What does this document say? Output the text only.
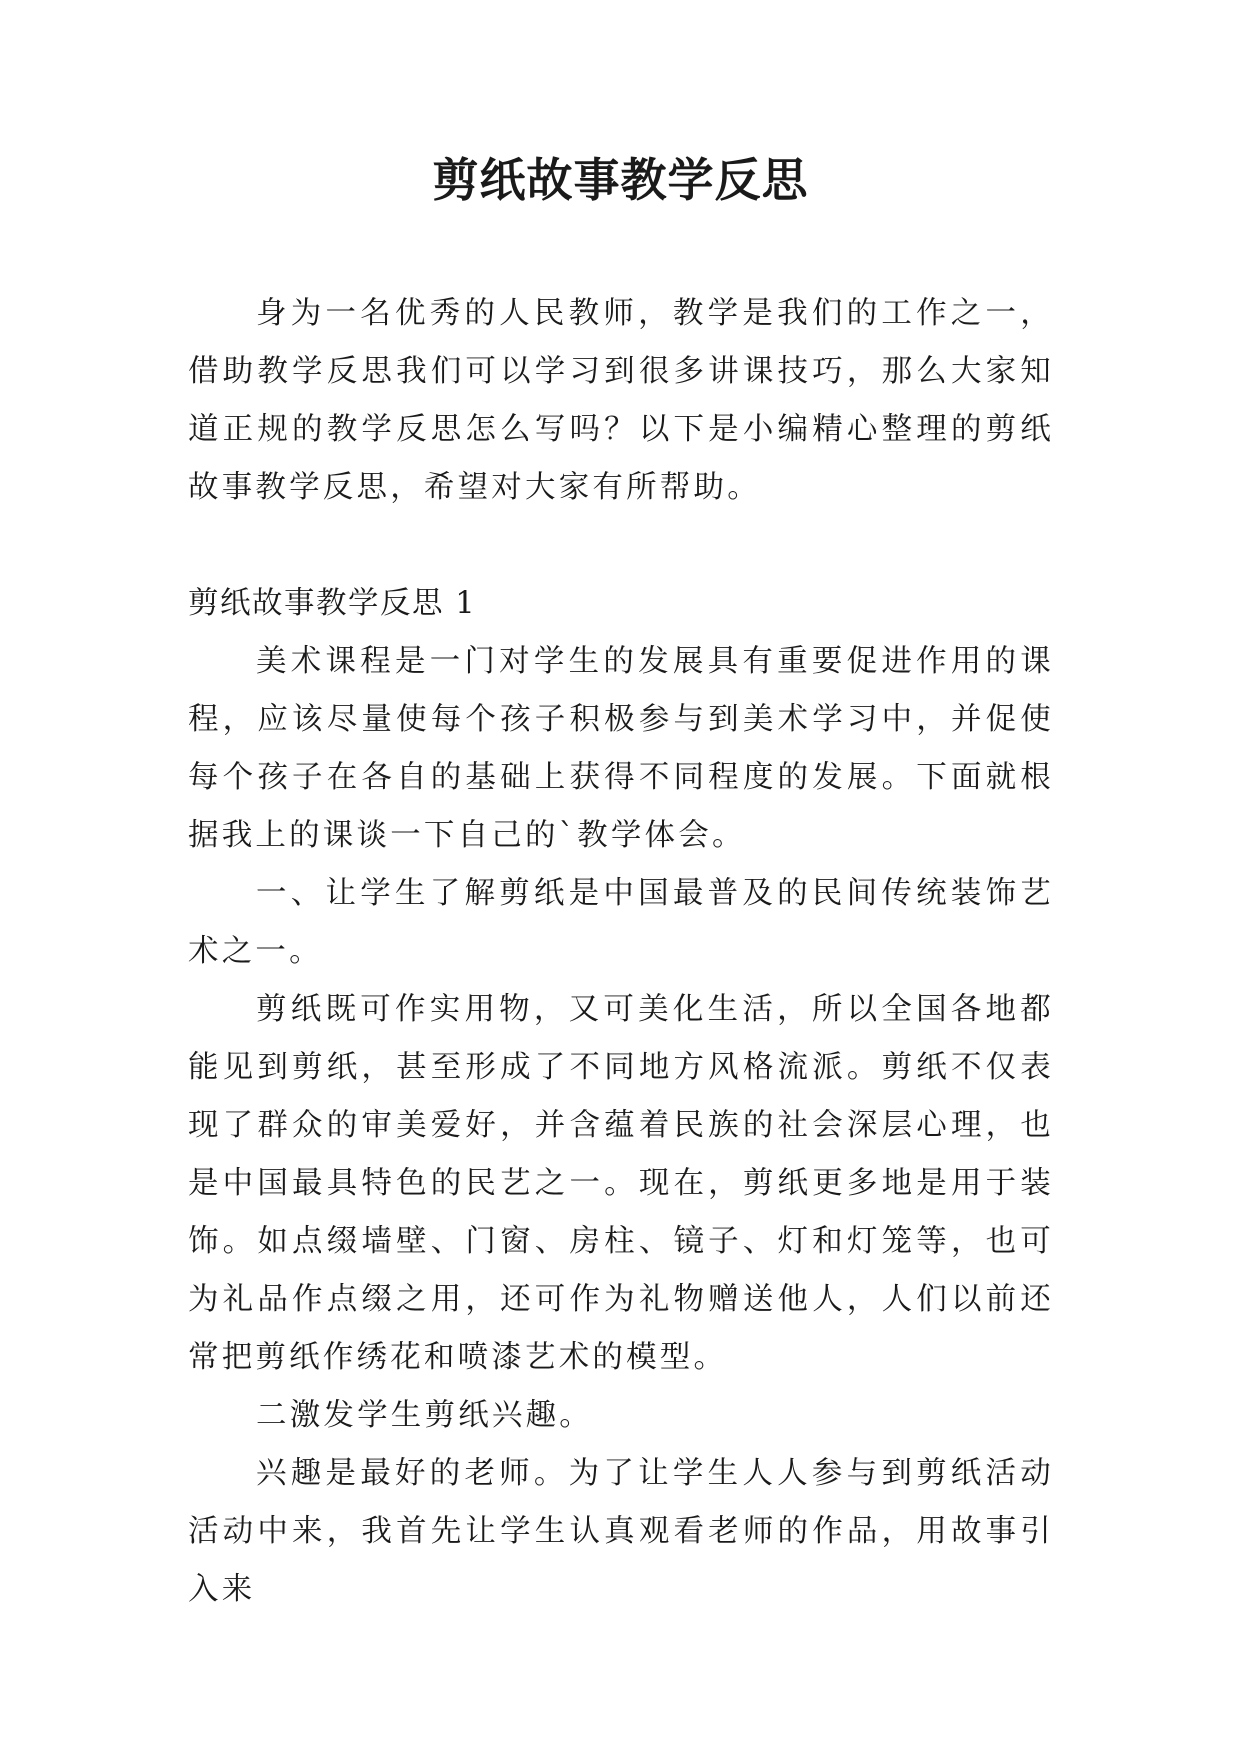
剪纸故事教学反思

身为一名优秀的人民教师，教学是我们的工作之一，借助教学反思我们可以学习到很多讲课技巧，那么大家知道正规的教学反思怎么写吗？以下是小编精心整理的剪纸故事教学反思，希望对大家有所帮助。

剪纸故事教学反思 1

美术课程是一门对学生的发展具有重要促进作用的课程，应该尽量使每个孩子积极参与到美术学习中，并促使每个孩子在各自的基础上获得不同程度的发展。下面就根据我上的课谈一下自己的`教学体会。

一、让学生了解剪纸是中国最普及的民间传统装饰艺术之一。

剪纸既可作实用物，又可美化生活，所以全国各地都能见到剪纸，甚至形成了不同地方风格流派。剪纸不仅表现了群众的审美爱好，并含蕴着民族的社会深层心理，也是中国最具特色的民艺之一。现在，剪纸更多地是用于装饰。如点缀墙壁、门窗、房柱、镜子、灯和灯笼等，也可为礼品作点缀之用，还可作为礼物赠送他人，人们以前还常把剪纸作绣花和喷漆艺术的模型。

二激发学生剪纸兴趣。

兴趣是最好的老师。为了让学生人人参与到剪纸活动活动中来，我首先让学生认真观看老师的作品，用故事引入来
